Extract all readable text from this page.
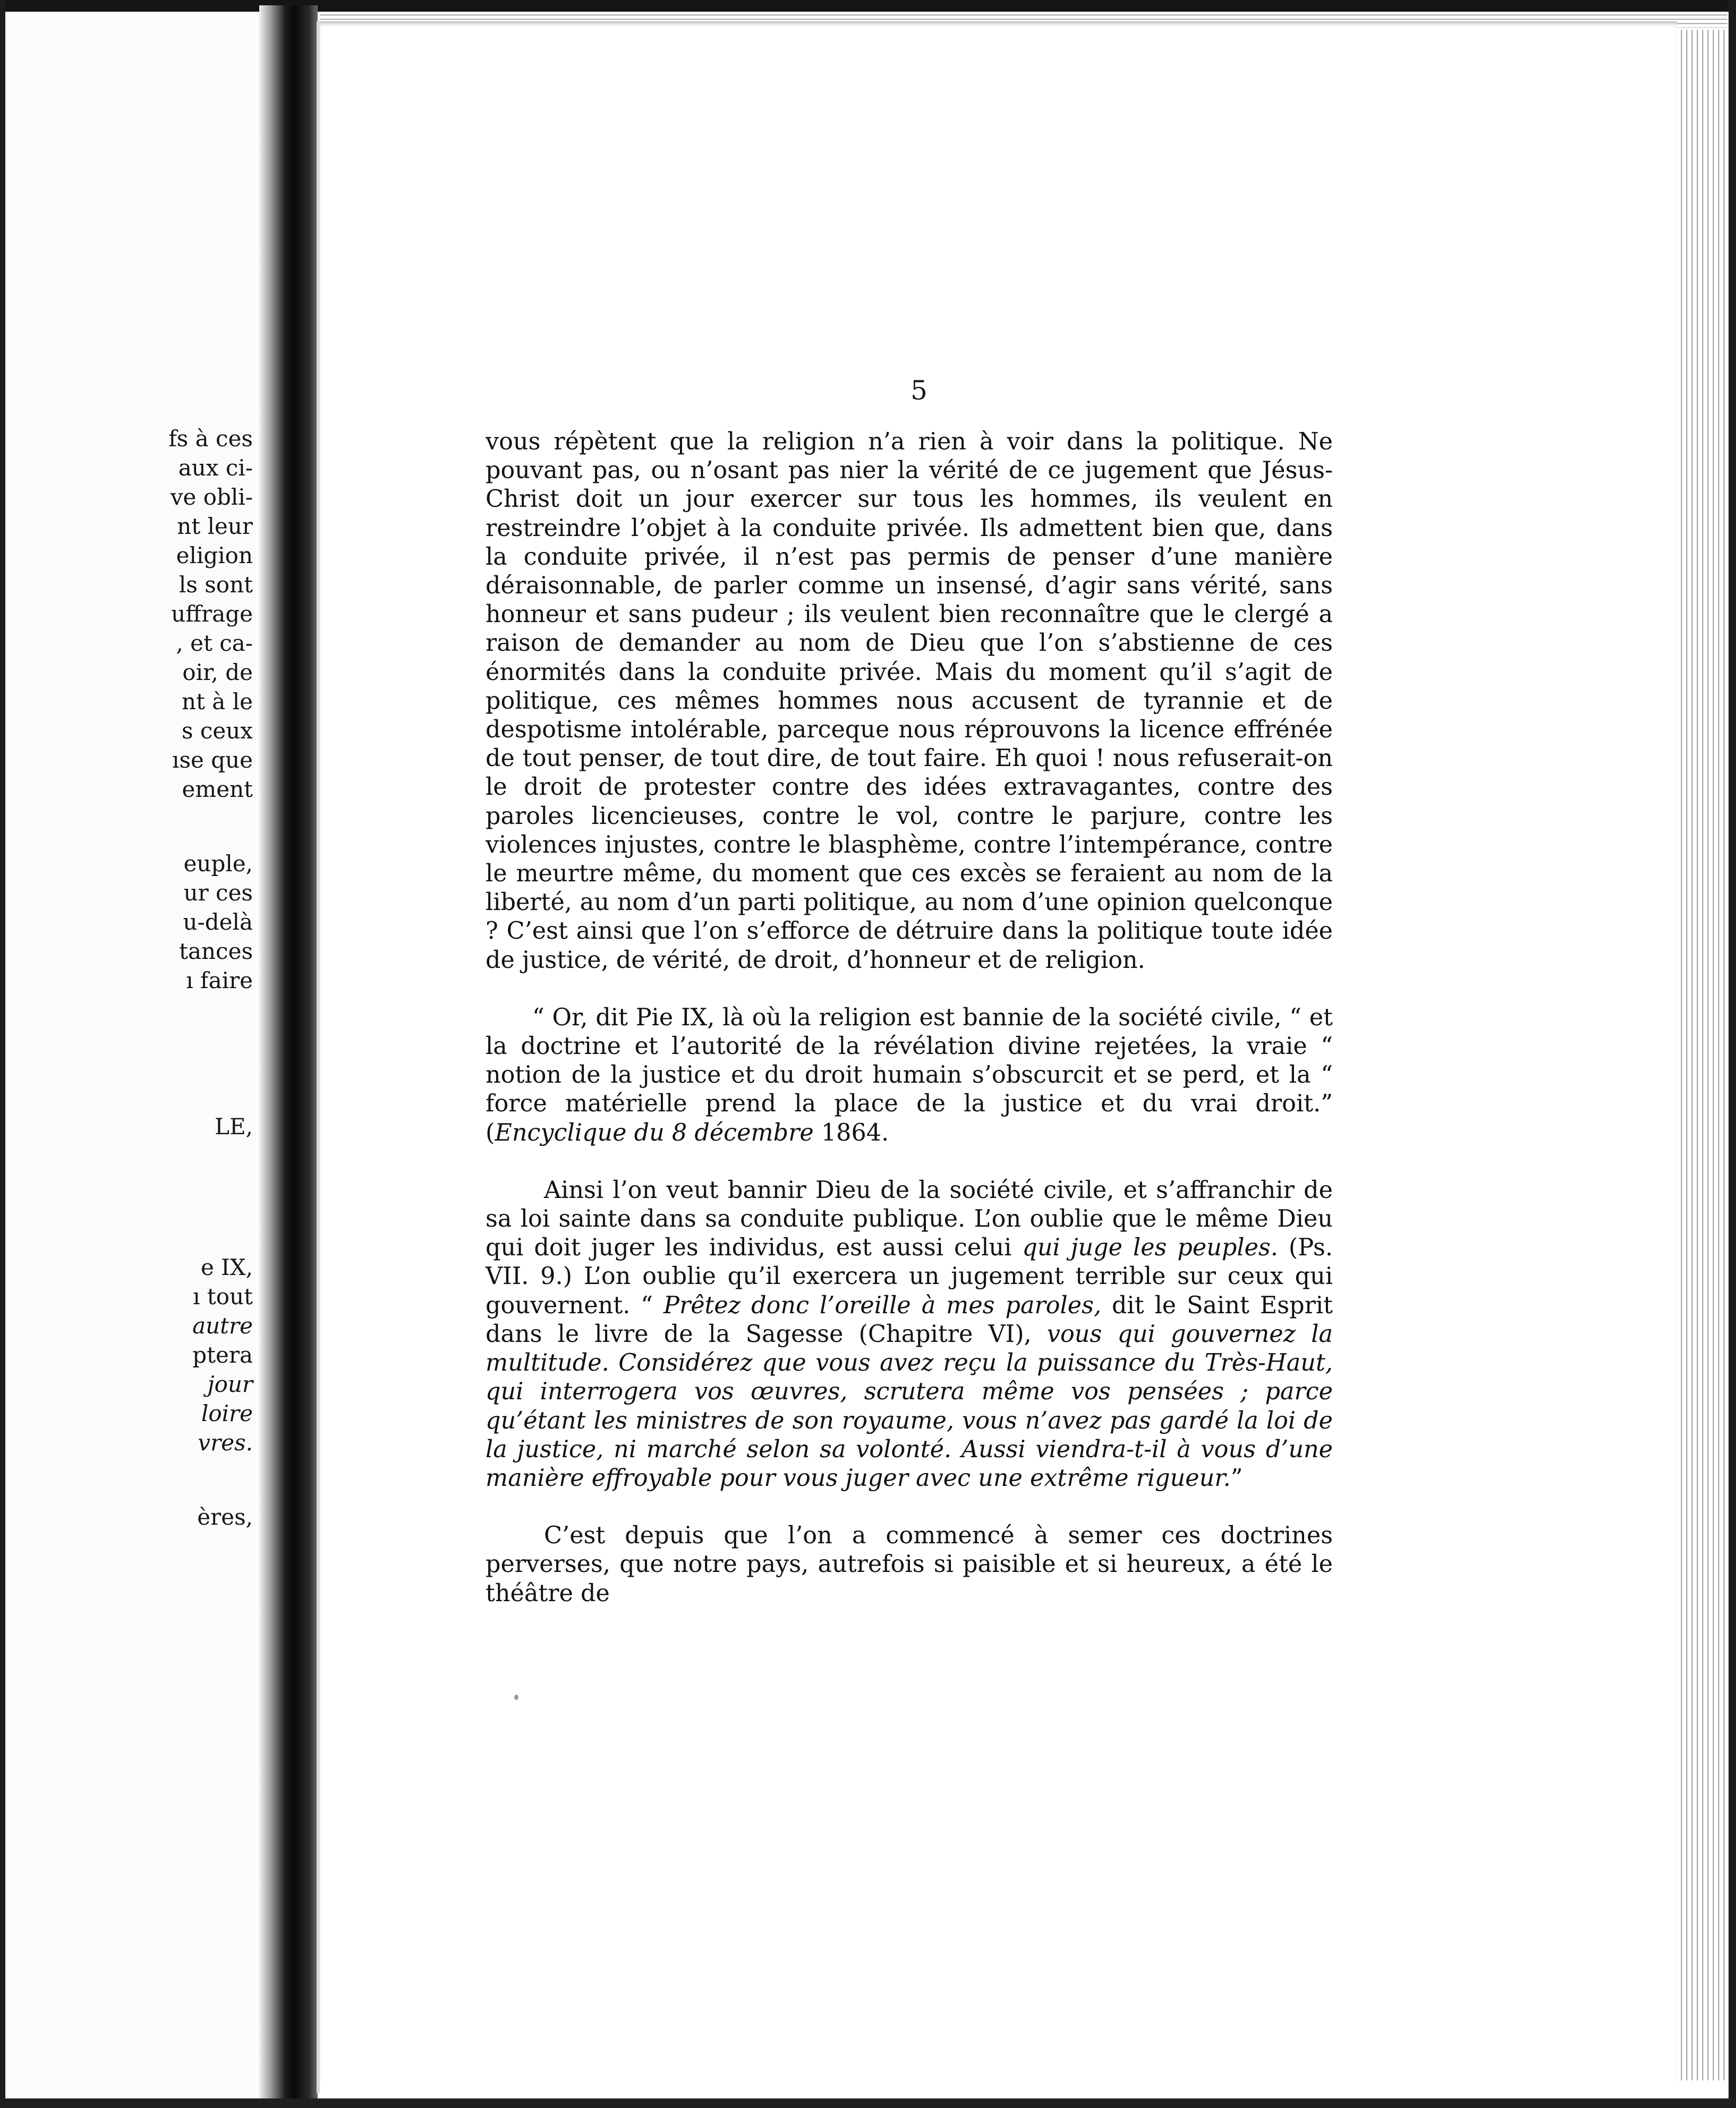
fs à ces
aux ci-
ve obli-
nt leur
eligion
ls sont
uffrage
, et ca-
oir, de
nt à le
s ceux
ıse que
ement
euple,
ur ces
u-delà
tances
ı faire
LE,
e IX,
ı tout
autre
ptera
jour
loire
vres.
ères,
5

vous répètent que la religion n’a rien à voir dans la politique. Ne pouvant pas, ou n’osant pas nier la vérité de ce jugement que Jésus-Christ doit un jour exercer sur tous les hommes, ils veulent en restreindre l’objet à la conduite privée. Ils admettent bien que, dans la conduite privée, il n’est pas permis de penser d’une manière déraisonnable, de parler comme un insensé, d’agir sans vérité, sans honneur et sans pudeur ; ils veulent bien reconnaître que le clergé a raison de demander au nom de Dieu que l’on s’abstienne de ces énormités dans la conduite privée. Mais du moment qu’il s’agit de politique, ces mêmes hommes nous accusent de tyrannie et de despotisme intolérable, parceque nous réprouvons la licence effrénée de tout penser, de tout dire, de tout faire. Eh quoi ! nous refuserait-on le droit de protester contre des idées extravagantes, contre des paroles licencieuses, contre le vol, contre le parjure, contre les violences injustes, contre le blasphème, contre l’intempérance, contre le meurtre même, du moment que ces excès se feraient au nom de la liberté, au nom d’un parti politique, au nom d’une opinion quelconque ? C’est ainsi que l’on s’efforce de détruire dans la politique toute idée de justice, de vérité, de droit, d’honneur et de religion.

“ Or, dit Pie IX, là où la religion est bannie de la société civile, “ et la doctrine et l’autorité de la révélation divine rejetées, la vraie “ notion de la justice et du droit humain s’obscurcit et se perd, et la “ force matérielle prend la place de la justice et du vrai droit.” (Encyclique du 8 décembre 1864.

Ainsi l’on veut bannir Dieu de la société civile, et s’affranchir de sa loi sainte dans sa conduite publique. L’on oublie que le même Dieu qui doit juger les individus, est aussi celui qui juge les peuples. (Ps. VII. 9.) L’on oublie qu’il exercera un jugement terrible sur ceux qui gouvernent. “ Prêtez donc l’oreille à mes paroles, dit le Saint Esprit dans le livre de la Sagesse (Chapitre VI), vous qui gouvernez la multitude. Considérez que vous avez reçu la puissance du Très-Haut, qui interrogera vos œuvres, scrutera même vos pensées ; parce qu’étant les ministres de son royaume, vous n’avez pas gardé la loi de la justice, ni marché selon sa volonté. Aussi viendra-t-il à vous d’une manière effroyable pour vous juger avec une extrême rigueur.”

C’est depuis que l’on a commencé à semer ces doctrines perverses, que notre pays, autrefois si paisible et si heureux, a été le théâtre de
